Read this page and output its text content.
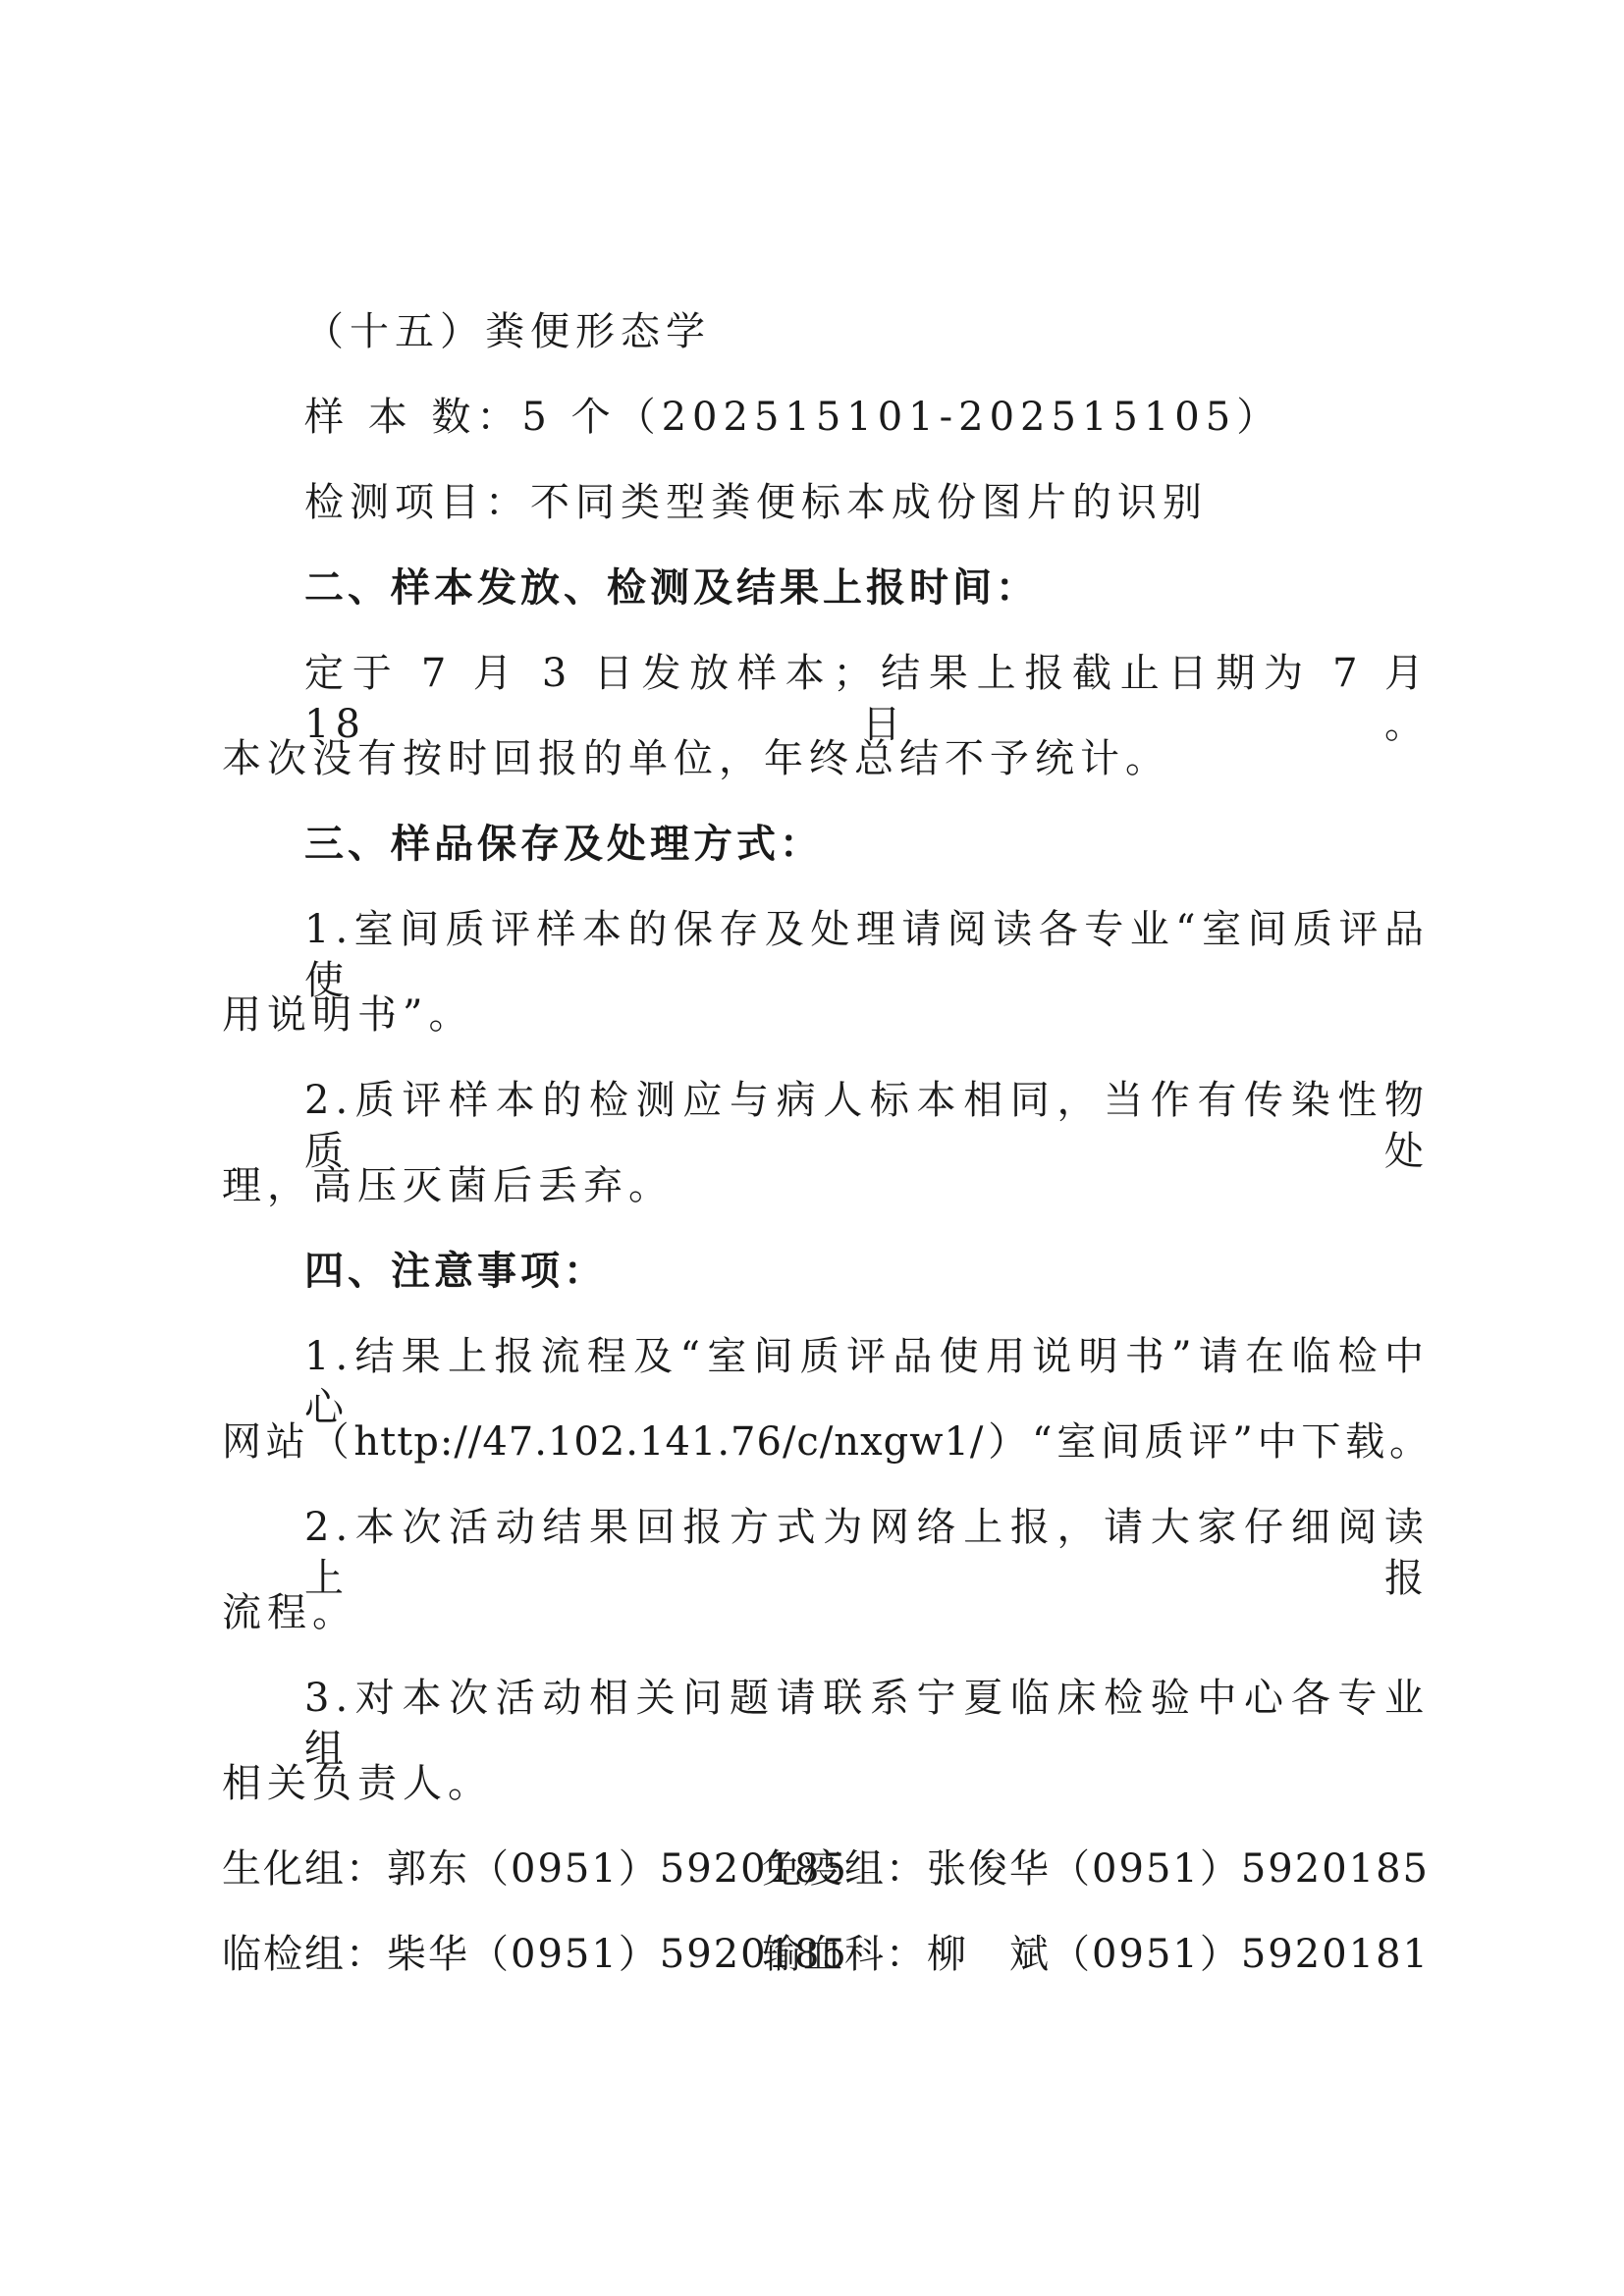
（十五）粪便形态学
样 本 数：5 个（202515101-202515105）
检测项目：不同类型粪便标本成份图片的识别
二、样本发放、检测及结果上报时间：
定于 7 月 3 日发放样本；结果上报截止日期为 7 月 18 日。
本次没有按时回报的单位，年终总结不予统计。
三、样品保存及处理方式：
1.室间质评样本的保存及处理请阅读各专业“室间质评品使
用说明书”。
2.质评样本的检测应与病人标本相同，当作有传染性物质处
理，高压灭菌后丢弃。
四、注意事项：
1.结果上报流程及“室间质评品使用说明书”请在临检中心
网站（http://47.102.141.76/c/nxgw1/）“室间质评”中下载。
2.本次活动结果回报方式为网络上报，请大家仔细阅读上报
流程。
3.对本次活动相关问题请联系宁夏临床检验中心各专业组
相关负责人。
生化组：郭东（0951）5920185
免疫组：张俊华（0951）5920185
临检组：柴华（0951）5920185
输血科：柳　斌（0951）5920181
